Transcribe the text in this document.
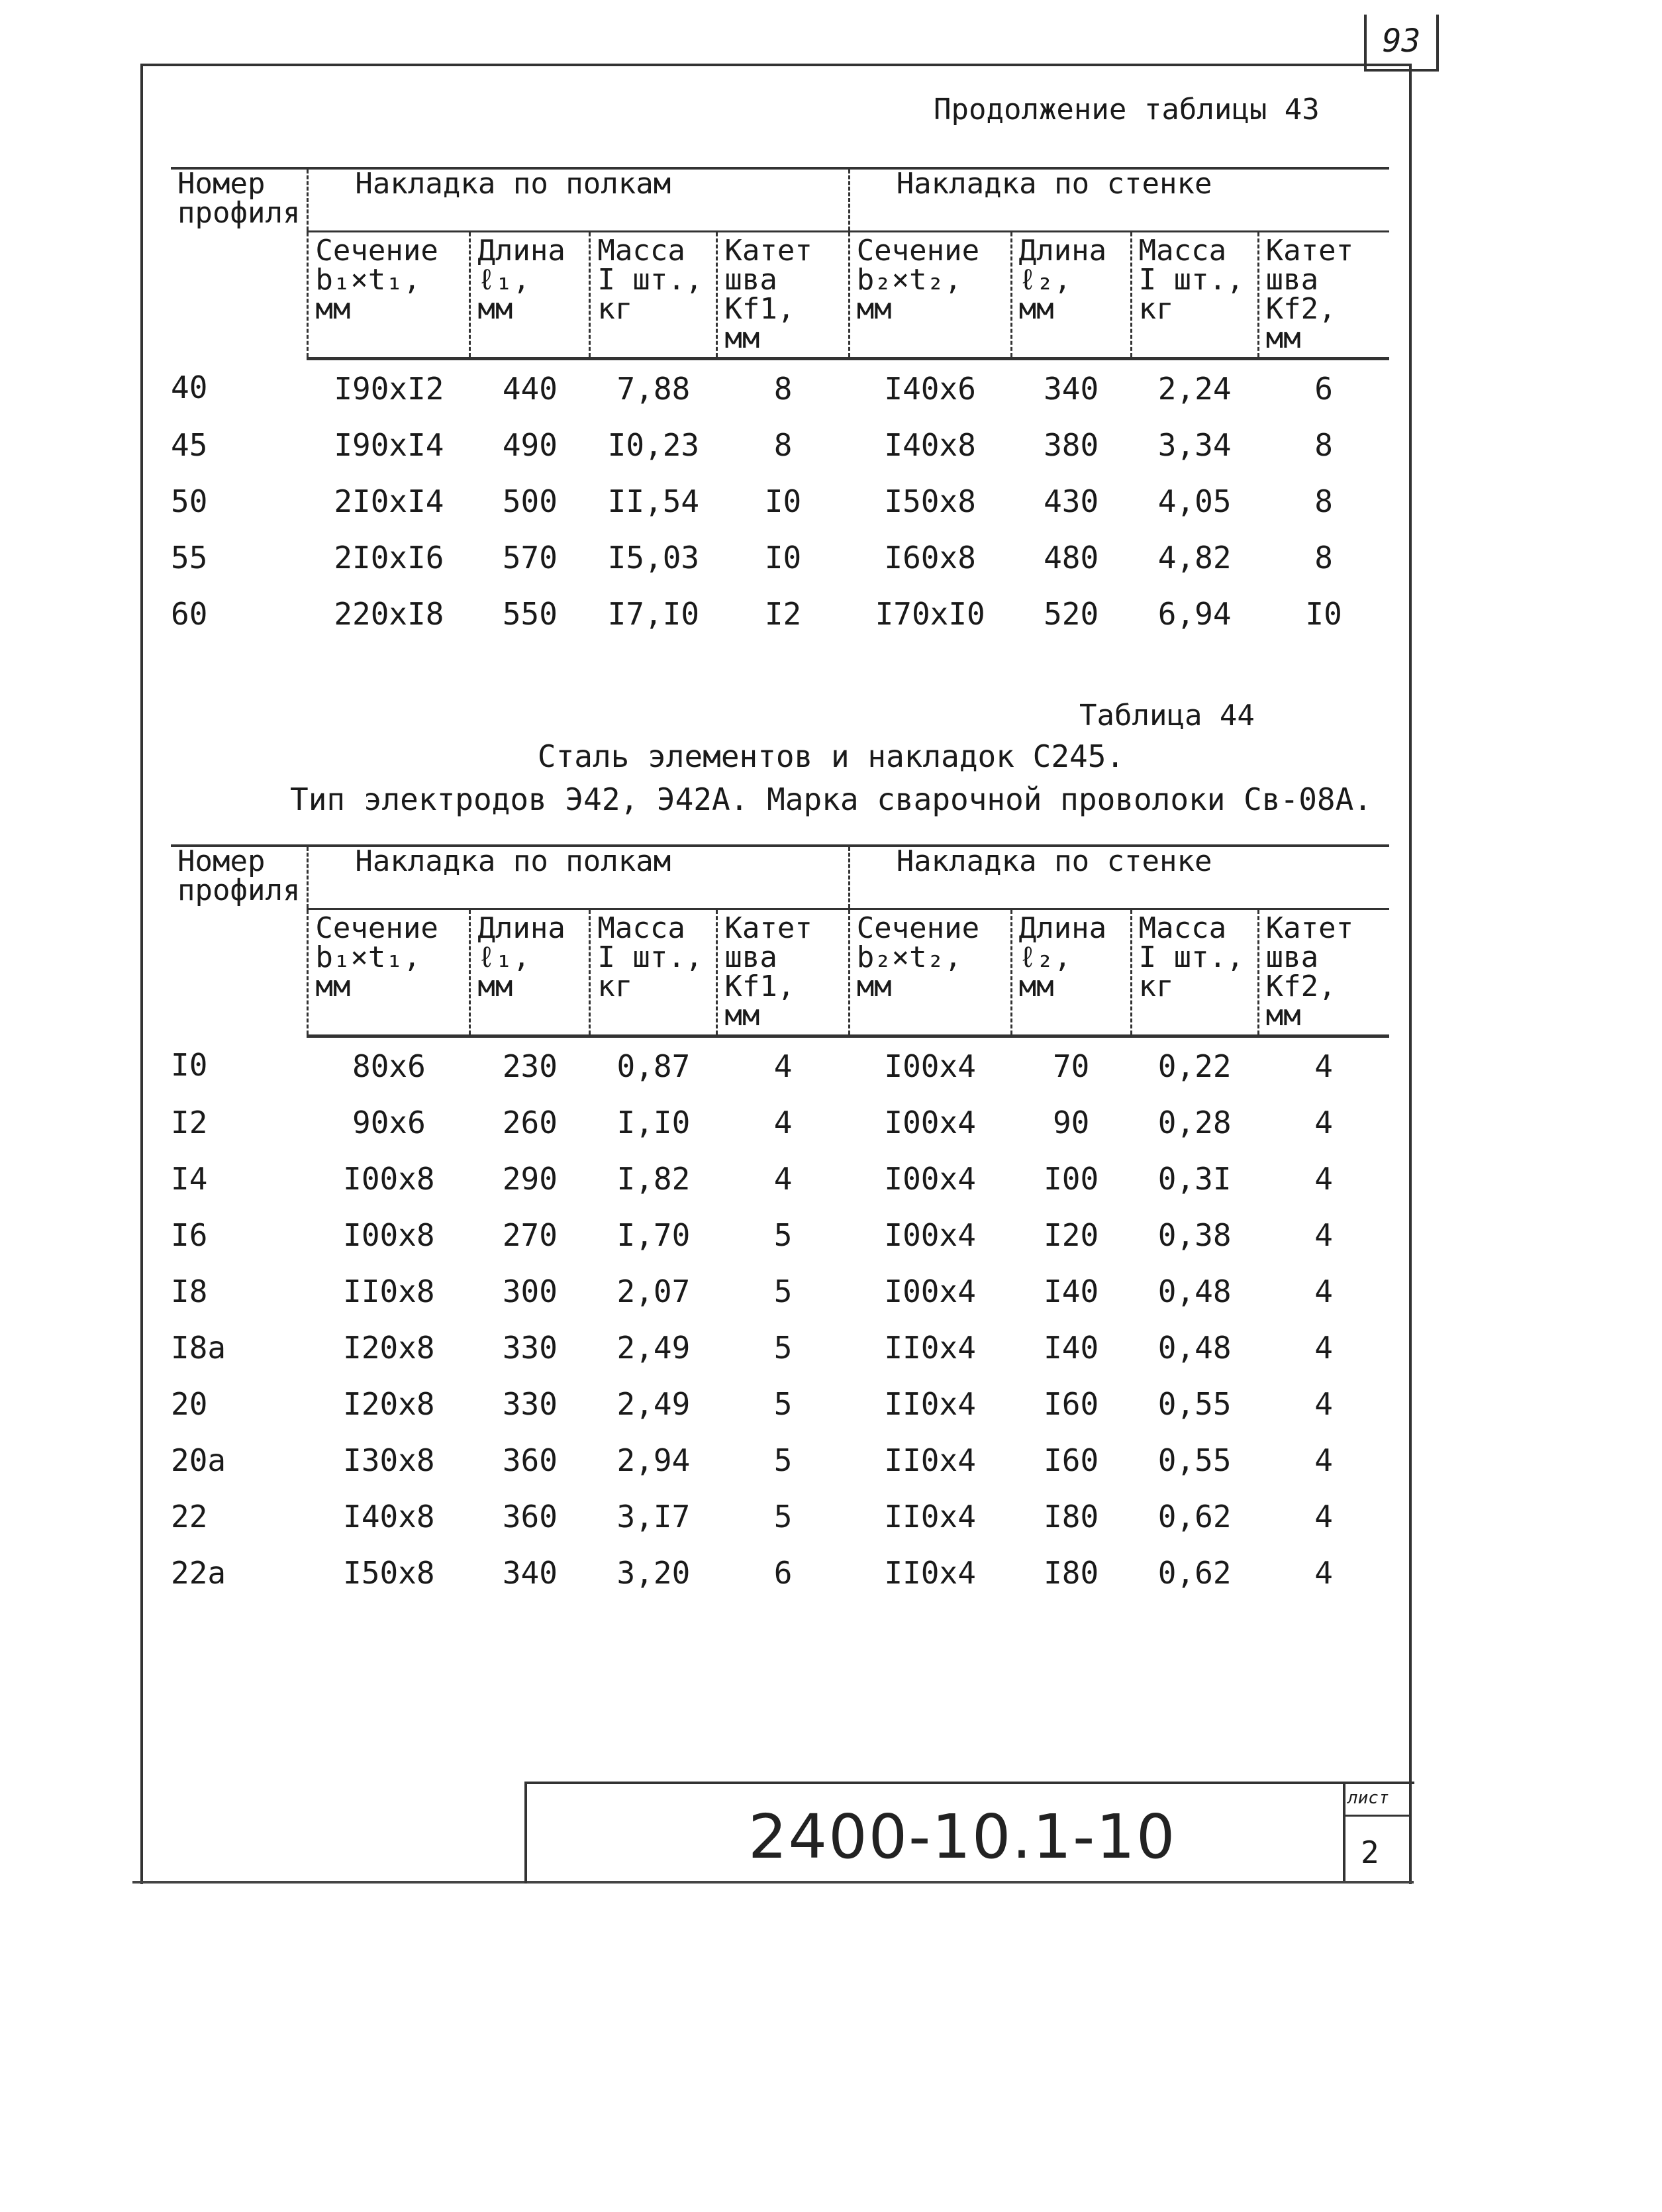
93
Продолжение таблицы 43
Номер профиля	Накладка по полкам				Накладка по стенке			
	Сечение b₁×t₁, мм	Длина ℓ₁, мм	Масса I шт., кг	Катет шва Kf1, мм	Сечение b₂×t₂, мм	Длина ℓ₂, мм	Масса I шт., кг	Катет шва Kf2, мм
40	I90xI2	440	7,88	8	I40x6	340	2,24	6
45	I90xI4	490	I0,23	8	I40x8	380	3,34	8
50	2I0xI4	500	II,54	I0	I50x8	430	4,05	8
55	2I0xI6	570	I5,03	I0	I60x8	480	4,82	8
60	220xI8	550	I7,I0	I2	I70xI0	520	6,94	I0
Таблица 44
Сталь элементов и накладок С245.
Тип электродов Э42, Э42А. Марка сварочной проволоки Св-08А.
Номер профиля	Накладка по полкам				Накладка по стенке			
	Сечение b₁×t₁, мм	Длина ℓ₁, мм	Масса I шт., кг	Катет шва Kf1, мм	Сечение b₂×t₂, мм	Длина ℓ₂, мм	Масса I шт., кг	Катет шва Kf2, мм
I0	80x6	230	0,87	4	I00x4	70	0,22	4
I2	90x6	260	I,I0	4	I00x4	90	0,28	4
I4	I00x8	290	I,82	4	I00x4	I00	0,3I	4
I6	I00x8	270	I,70	5	I00x4	I20	0,38	4
I8	II0x8	300	2,07	5	I00x4	I40	0,48	4
I8a	I20x8	330	2,49	5	II0x4	I40	0,48	4
20	I20x8	330	2,49	5	II0x4	I60	0,55	4
20a	I30x8	360	2,94	5	II0x4	I60	0,55	4
22	I40x8	360	3,I7	5	II0x4	I80	0,62	4
22a	I50x8	340	3,20	6	II0x4	I80	0,62	4
2400-10.1-10
лист
2
